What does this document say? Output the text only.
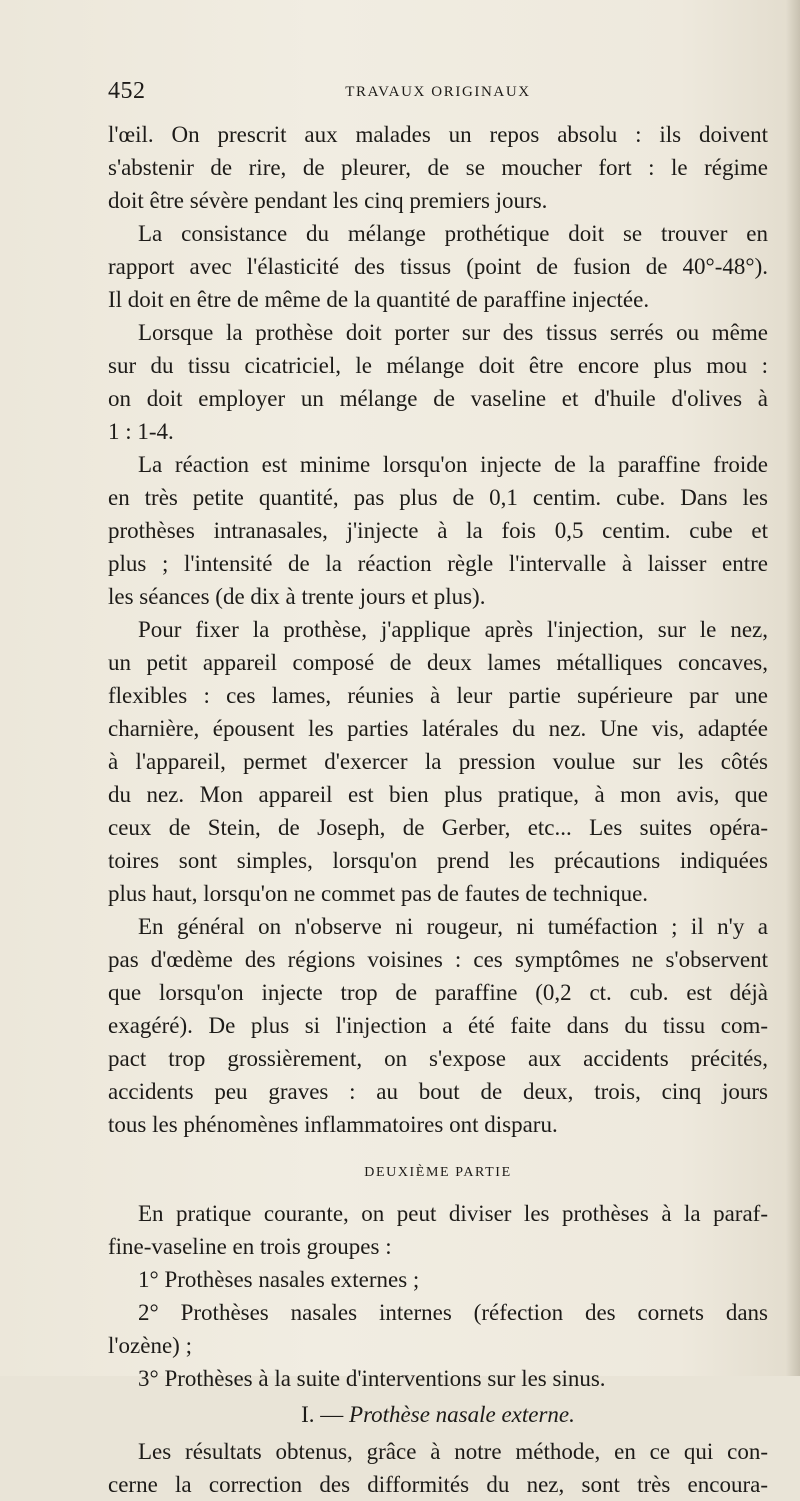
452	TRAVAUX ORIGINAUX
l'œil. On prescrit aux malades un repos absolu : ils doivent
s'abstenir de rire, de pleurer, de se moucher fort : le régime
doit être sévère pendant les cinq premiers jours.
La consistance du mélange prothétique doit se trouver en
rapport avec l'élasticité des tissus (point de fusion de 40°-48°).
Il doit en être de même de la quantité de paraffine injectée.
Lorsque la prothèse doit porter sur des tissus serrés ou même
sur du tissu cicatriciel, le mélange doit être encore plus mou :
on doit employer un mélange de vaseline et d'huile d'olives à
1 : 1-4.
La réaction est minime lorsqu'on injecte de la paraffine froide
en très petite quantité, pas plus de 0,1 centim. cube. Dans les
prothèses intranasales, j'injecte à la fois 0,5 centim. cube et
plus ; l'intensité de la réaction règle l'intervalle à laisser entre
les séances (de dix à trente jours et plus).
Pour fixer la prothèse, j'applique après l'injection, sur le nez,
un petit appareil composé de deux lames métalliques concaves,
flexibles : ces lames, réunies à leur partie supérieure par une
charnière, épousent les parties latérales du nez. Une vis, adaptée
à l'appareil, permet d'exercer la pression voulue sur les côtés
du nez. Mon appareil est bien plus pratique, à mon avis, que
ceux de Stein, de Joseph, de Gerber, etc... Les suites opéra-
toires sont simples, lorsqu'on prend les précautions indiquées
plus haut, lorsqu'on ne commet pas de fautes de technique.
En général on n'observe ni rougeur, ni tuméfaction ; il n'y a
pas d'œdème des régions voisines : ces symptômes ne s'observent
que lorsqu'on injecte trop de paraffine (0,2 ct. cub. est déjà
exagéré). De plus si l'injection a été faite dans du tissu com-
pact trop grossièrement, on s'expose aux accidents précités,
accidents peu graves : au bout de deux, trois, cinq jours
tous les phénomènes inflammatoires ont disparu.
DEUXIÈME PARTIE
En pratique courante, on peut diviser les prothèses à la paraf-
fine-vaseline en trois groupes :
1° Prothèses nasales externes ;
2° Prothèses nasales internes (réfection des cornets dans
l'ozène) ;
3° Prothèses à la suite d'interventions sur les sinus.
I. — Prothèse nasale externe.
Les résultats obtenus, grâce à notre méthode, en ce qui con-
cerne la correction des difformités du nez, sont très encoura-
